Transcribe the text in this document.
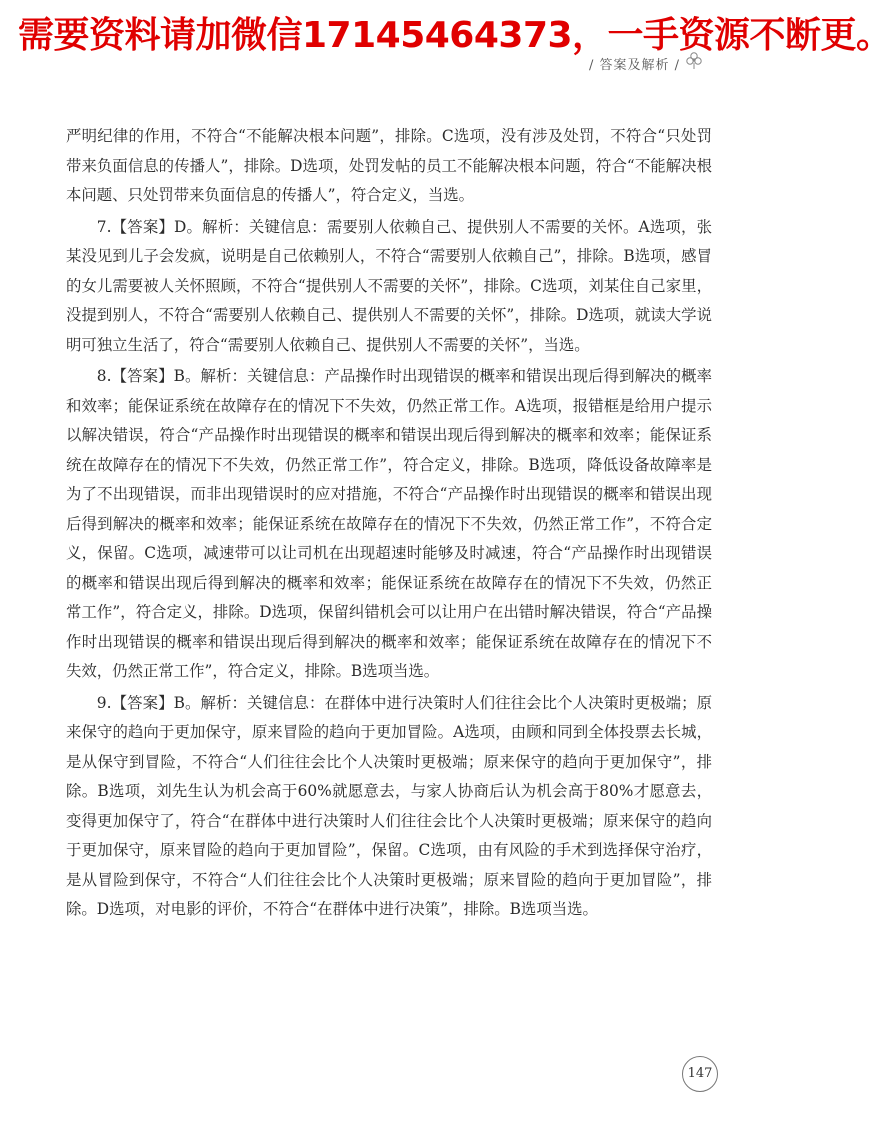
需要资料请加微信17145464373，一手资源不断更。
/ 答案及解析 /

严明纪律的作用，不符合“不能解决根本问题”，排除。C选项，没有涉及处罚，不符合“只处罚带来负面信息的传播人”，排除。D选项，处罚发帖的员工不能解决根本问题，符合“不能解决根本问题、只处罚带来负面信息的传播人”，符合定义，当选。

7.【答案】D。解析：关键信息：需要别人依赖自己、提供别人不需要的关怀。A选项，张某没见到儿子会发疯，说明是自己依赖别人，不符合“需要别人依赖自己”，排除。B选项，感冒的女儿需要被人关怀照顾，不符合“提供别人不需要的关怀”，排除。C选项，刘某住自己家里，没提到别人，不符合“需要别人依赖自己、提供别人不需要的关怀”，排除。D选项，就读大学说明可独立生活了，符合“需要别人依赖自己、提供别人不需要的关怀”，当选。

8.【答案】B。解析：关键信息：产品操作时出现错误的概率和错误出现后得到解决的概率和效率；能保证系统在故障存在的情况下不失效，仍然正常工作。A选项，报错框是给用户提示以解决错误，符合“产品操作时出现错误的概率和错误出现后得到解决的概率和效率；能保证系统在故障存在的情况下不失效，仍然正常工作”，符合定义，排除。B选项，降低设备故障率是为了不出现错误，而非出现错误时的应对措施，不符合“产品操作时出现错误的概率和错误出现后得到解决的概率和效率；能保证系统在故障存在的情况下不失效，仍然正常工作”，不符合定义，保留。C选项，减速带可以让司机在出现超速时能够及时减速，符合“产品操作时出现错误的概率和错误出现后得到解决的概率和效率；能保证系统在故障存在的情况下不失效，仍然正常工作”，符合定义，排除。D选项，保留纠错机会可以让用户在出错时解决错误，符合“产品操作时出现错误的概率和错误出现后得到解决的概率和效率；能保证系统在故障存在的情况下不失效，仍然正常工作”，符合定义，排除。B选项当选。

9.【答案】B。解析：关键信息：在群体中进行决策时人们往往会比个人决策时更极端；原来保守的趋向于更加保守，原来冒险的趋向于更加冒险。A选项，由顾和同到全体投票去长城，是从保守到冒险，不符合“人们往往会比个人决策时更极端；原来保守的趋向于更加保守”，排除。B选项，刘先生认为机会高于60%就愿意去，与家人协商后认为机会高于80%才愿意去，变得更加保守了，符合“在群体中进行决策时人们往往会比个人决策时更极端；原来保守的趋向于更加保守，原来冒险的趋向于更加冒险”，保留。C选项，由有风险的手术到选择保守治疗，是从冒险到保守，不符合“人们往往会比个人决策时更极端；原来冒险的趋向于更加冒险”，排除。D选项，对电影的评价，不符合“在群体中进行决策”，排除。B选项当选。

147
